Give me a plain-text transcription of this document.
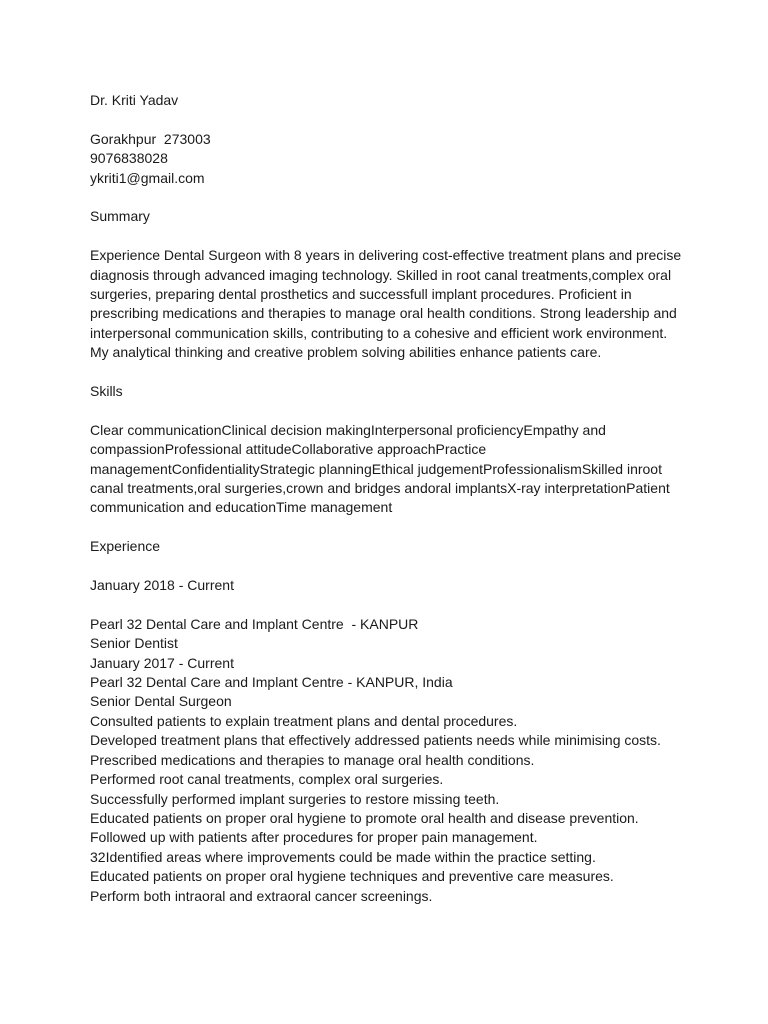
Dr. Kriti Yadav
Gorakhpur  273003
9076838028
ykriti1@gmail.com
Summary
Experience Dental Surgeon with 8 years in delivering cost-effective treatment plans and precise
diagnosis through advanced imaging technology. Skilled in root canal treatments,complex oral
surgeries, preparing dental prosthetics and successfull implant procedures. Proficient in
prescribing medications and therapies to manage oral health conditions. Strong leadership and
interpersonal communication skills, contributing to a cohesive and efficient work environment.
My analytical thinking and creative problem solving abilities enhance patients care.
Skills
Clear communicationClinical decision makingInterpersonal proficiencyEmpathy and
compassionProfessional attitudeCollaborative approachPractice
managementConfidentialityStrategic planningEthical judgementProfessionalismSkilled inroot
canal treatments,oral surgeries,crown and bridges andoral implantsX-ray interpretationPatient
communication and educationTime management
Experience
January 2018 - Current
Pearl 32 Dental Care and Implant Centre  - KANPUR
Senior Dentist
January 2017 - Current
Pearl 32 Dental Care and Implant Centre - KANPUR, India
Senior Dental Surgeon
Consulted patients to explain treatment plans and dental procedures.
Developed treatment plans that effectively addressed patients needs while minimising costs.
Prescribed medications and therapies to manage oral health conditions.
Performed root canal treatments, complex oral surgeries.
Successfully performed implant surgeries to restore missing teeth.
Educated patients on proper oral hygiene to promote oral health and disease prevention.
Followed up with patients after procedures for proper pain management.
32Identified areas where improvements could be made within the practice setting.
Educated patients on proper oral hygiene techniques and preventive care measures.
Perform both intraoral and extraoral cancer screenings.
